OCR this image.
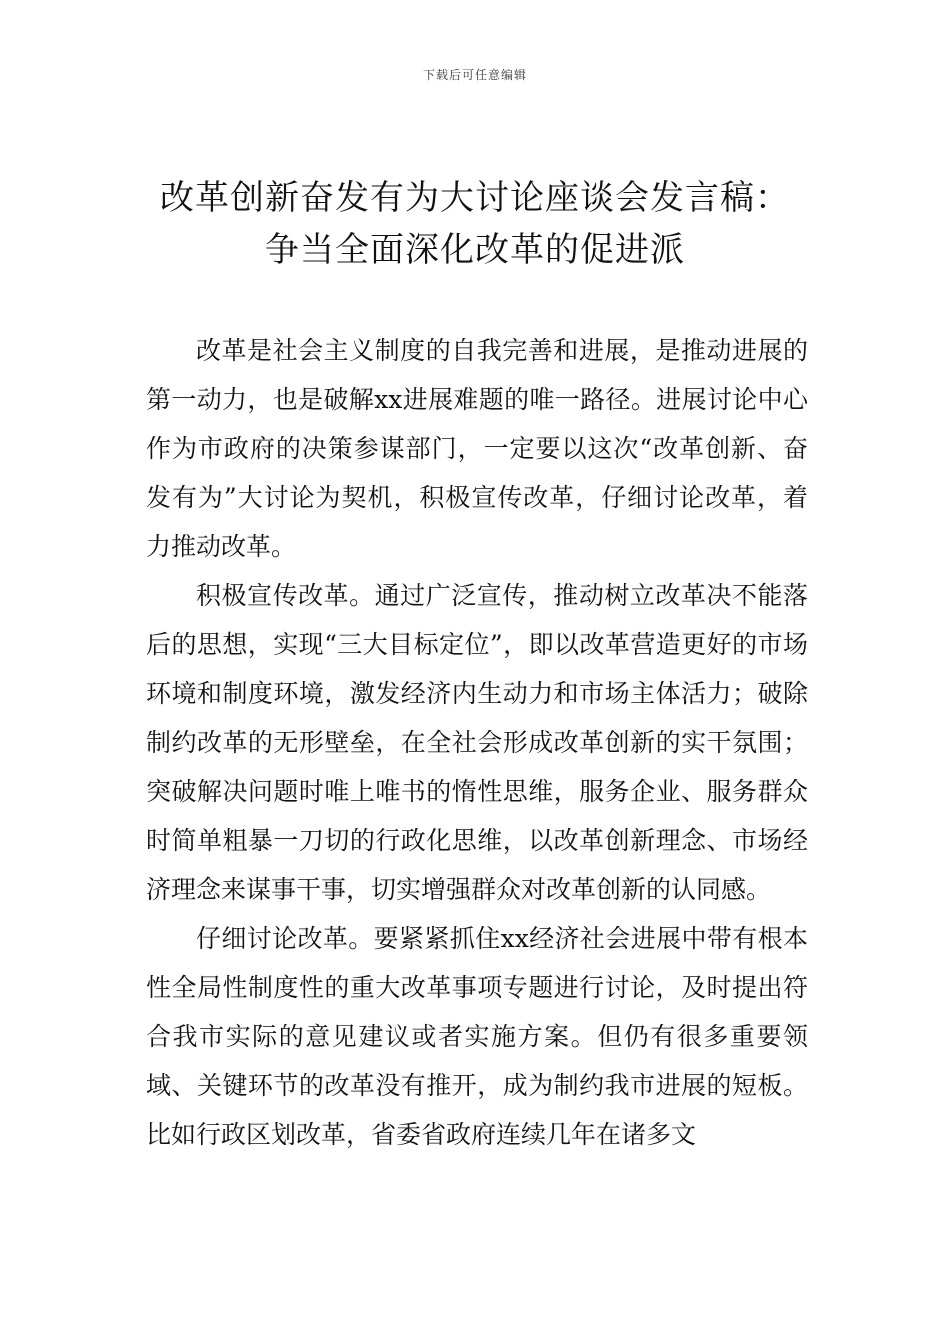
下载后可任意编辑
改革创新奋发有为大讨论座谈会发言稿：
争当全面深化改革的促进派

改革是社会主义制度的自我完善和进展，是推动进展的第一动力，也是破解xx进展难题的唯一路径。进展讨论中心作为市政府的决策参谋部门，一定要以这次“改革创新、奋发有为”大讨论为契机，积极宣传改革，仔细讨论改革，着力推动改革。

积极宣传改革。通过广泛宣传，推动树立改革决不能落后的思想，实现“三大目标定位”，即以改革营造更好的市场环境和制度环境，激发经济内生动力和市场主体活力；破除制约改革的无形壁垒，在全社会形成改革创新的实干氛围；突破解决问题时唯上唯书的惰性思维，服务企业、服务群众时简单粗暴一刀切的行政化思维，以改革创新理念、市场经济理念来谋事干事，切实增强群众对改革创新的认同感。

仔细讨论改革。要紧紧抓住xx经济社会进展中带有根本性全局性制度性的重大改革事项专题进行讨论，及时提出符合我市实际的意见建议或者实施方案。但仍有很多重要领域、关键环节的改革没有推开，成为制约我市进展的短板。比如行政区划改革，省委省政府连续几年在诸多文
